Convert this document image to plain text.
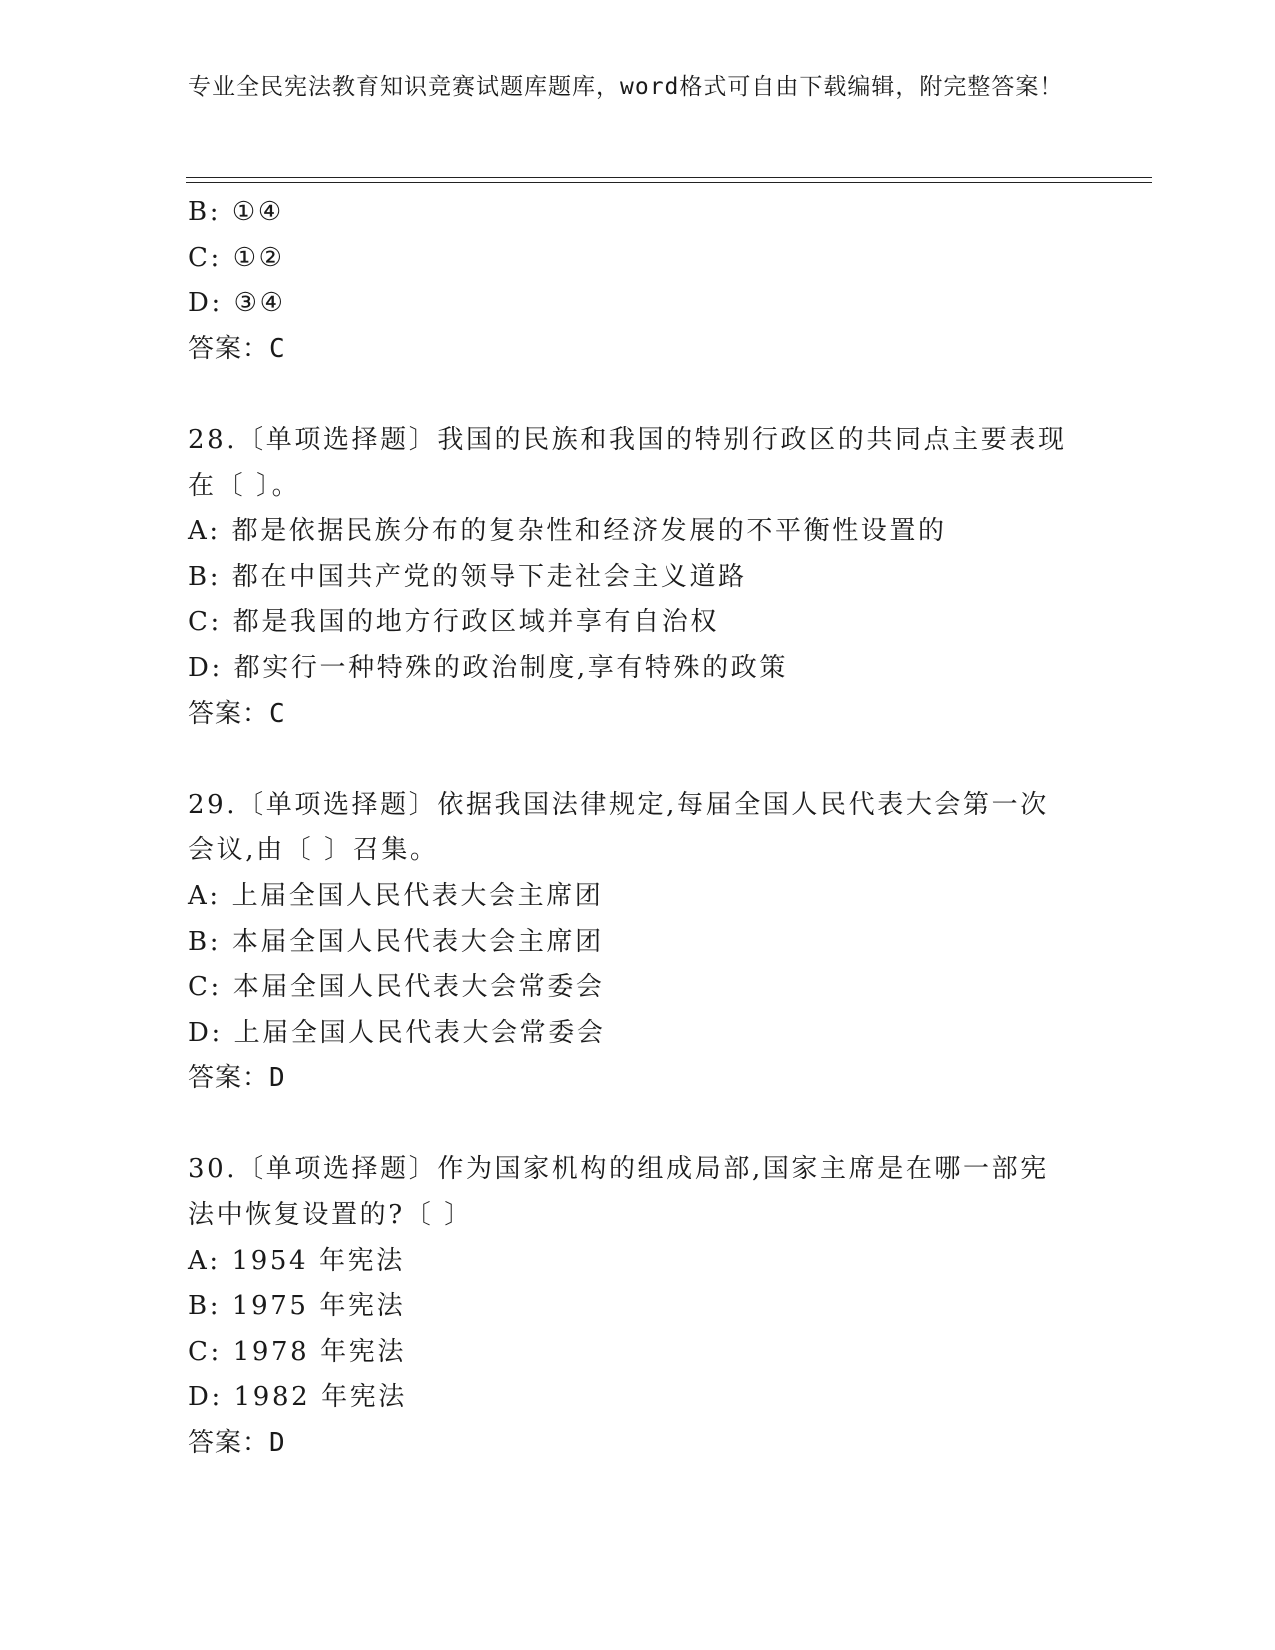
专业全民宪法教育知识竞赛试题库题库，word格式可自由下载编辑，附完整答案！
B: ①④
C: ①②
D: ③④
答案：C
28.〔单项选择题〕我国的民族和我国的特别行政区的共同点主要表现
在〔 〕。
A: 都是依据民族分布的复杂性和经济发展的不平衡性设置的
B: 都在中国共产党的领导下走社会主义道路
C: 都是我国的地方行政区域并享有自治权
D: 都实行一种特殊的政治制度,享有特殊的政策
答案：C
29.〔单项选择题〕依据我国法律规定,每届全国人民代表大会第一次
会议,由〔 〕召集。
A: 上届全国人民代表大会主席团
B: 本届全国人民代表大会主席团
C: 本届全国人民代表大会常委会
D: 上届全国人民代表大会常委会
答案：D
30.〔单项选择题〕作为国家机构的组成局部,国家主席是在哪一部宪
法中恢复设置的?〔 〕
A: 1954 年宪法
B: 1975 年宪法
C: 1978 年宪法
D: 1982 年宪法
答案：D
